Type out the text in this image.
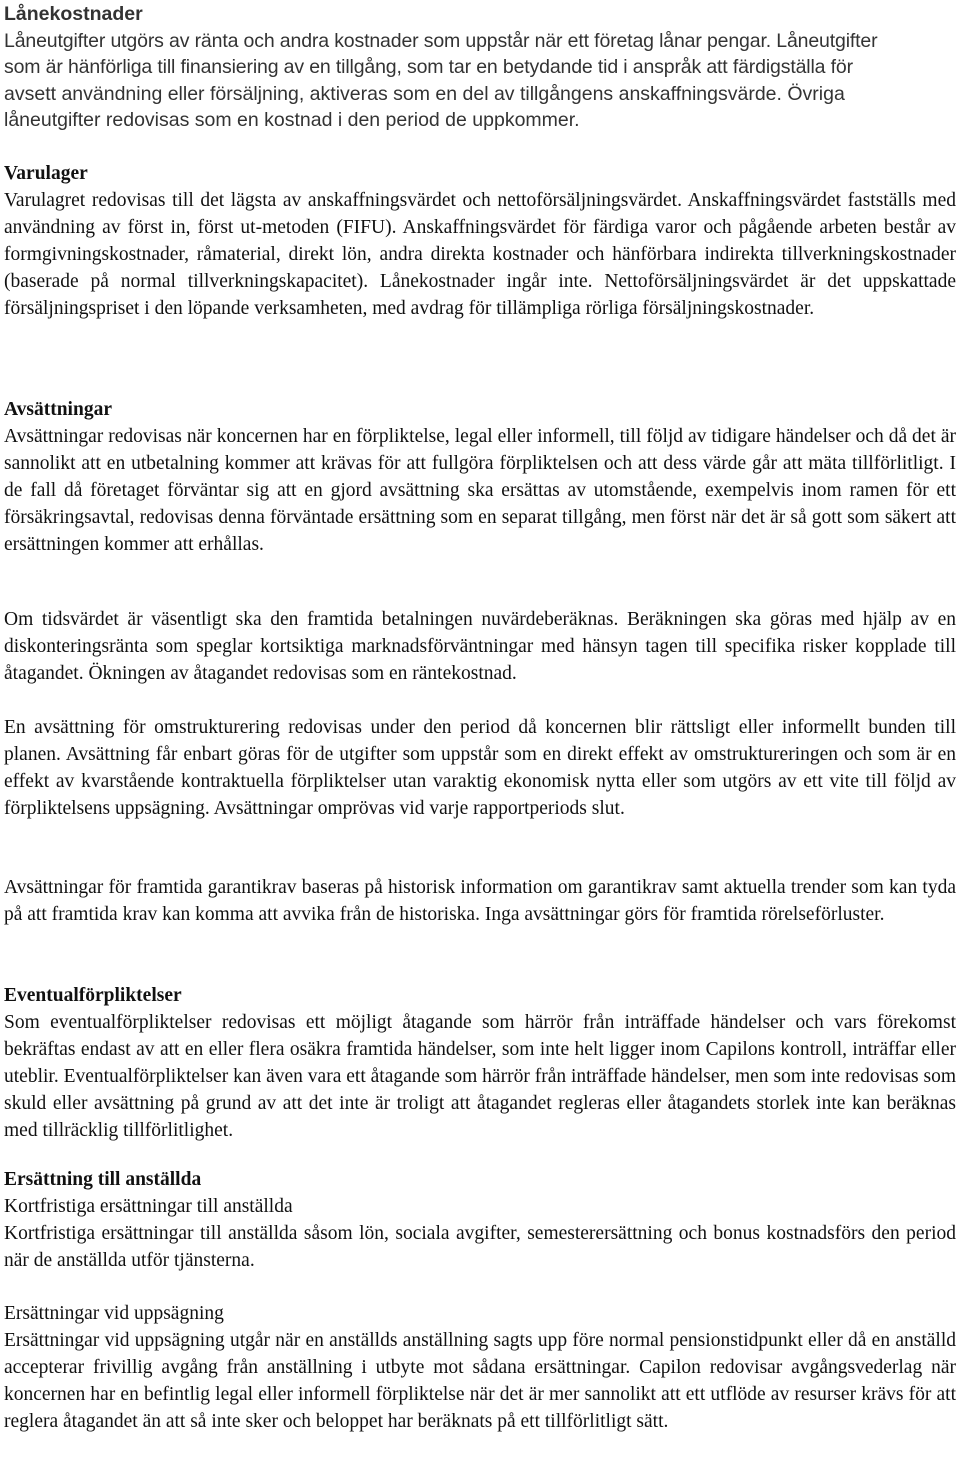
Lånekostnader
Låneutgifter utgörs av ränta och andra kostnader som uppstår när ett företag lånar pengar. Låneutgifter
som är hänförliga till finansiering av en tillgång, som tar en betydande tid i anspråk att färdigställa för
avsett användning eller försäljning, aktiveras som en del av tillgångens anskaffningsvärde. Övriga
låneutgifter redovisas som en kostnad i den period de uppkommer.
Varulager

Varulagret redovisas till det lägsta av anskaffningsvärdet och nettoförsäljningsvärdet. Anskaffningsvärdet fastställs med användning av först in, först ut-metoden (FIFU). Anskaffningsvärdet för färdiga varor och pågående arbeten består av formgivningskostnader, råmaterial, direkt lön, andra direkta kostnader och hänförbara indirekta tillverkningskostnader (baserade på normal tillverkningskapacitet). Lånekostnader ingår inte. Nettoförsäljningsvärdet är det uppskattade försäljningspriset i den löpande verksamheten, med avdrag för tillämpliga rörliga försäljningskostnader.

Avsättningar

Avsättningar redovisas när koncernen har en förpliktelse, legal eller informell, till följd av tidigare händelser och då det är sannolikt att en utbetalning kommer att krävas för att fullgöra förpliktelsen och att dess värde går att mäta tillförlitligt. I de fall då företaget förväntar sig att en gjord avsättning ska ersättas av utomstående, exempelvis inom ramen för ett försäkringsavtal, redovisas denna förväntade ersättning som en separat tillgång, men först när det är så gott som säkert att ersättningen kommer att erhållas.

Om tidsvärdet är väsentligt ska den framtida betalningen nuvärdeberäknas. Beräkningen ska göras med hjälp av en diskonteringsränta som speglar kortsiktiga marknadsförväntningar med hänsyn tagen till specifika risker kopplade till åtagandet. Ökningen av åtagandet redovisas som en räntekostnad.

En avsättning för omstrukturering redovisas under den period då koncernen blir rättsligt eller informellt bunden till planen. Avsättning får enbart göras för de utgifter som uppstår som en direkt effekt av omstruktureringen och som är en effekt av kvarstående kontraktuella förpliktelser utan varaktig ekonomisk nytta eller som utgörs av ett vite till följd av förpliktelsens uppsägning. Avsättningar omprövas vid varje rapportperiods slut.

Avsättningar för framtida garantikrav baseras på historisk information om garantikrav samt aktuella trender som kan tyda på att framtida krav kan komma att avvika från de historiska. Inga avsättningar görs för framtida rörelseförluster.

Eventualförpliktelser

Som eventualförpliktelser redovisas ett möjligt åtagande som härrör från inträffade händelser och vars förekomst bekräftas endast av att en eller flera osäkra framtida händelser, som inte helt ligger inom Capilons kontroll, inträffar eller uteblir. Eventualförpliktelser kan även vara ett åtagande som härrör från inträffade händelser, men som inte redovisas som skuld eller avsättning på grund av att det inte är troligt att åtagandet regleras eller åtagandets storlek inte kan beräknas med tillräcklig tillförlitlighet.

Ersättning till anställda
Kortfristiga ersättningar till anställda

Kortfristiga ersättningar till anställda såsom lön, sociala avgifter, semesterersättning och bonus kostnadsförs den period när de anställda utför tjänsterna.

Ersättningar vid uppsägning

Ersättningar vid uppsägning utgår när en anställds anställning sagts upp före normal pensionstidpunkt eller då en anställd accepterar frivillig avgång från anställning i utbyte mot sådana ersättningar. Capilon redovisar avgångsvederlag när koncernen har en befintlig legal eller informell förpliktelse när det är mer sannolikt att ett utflöde av resurser krävs för att reglera åtagandet än att så inte sker och beloppet har beräknats på ett tillförlitligt sätt.
